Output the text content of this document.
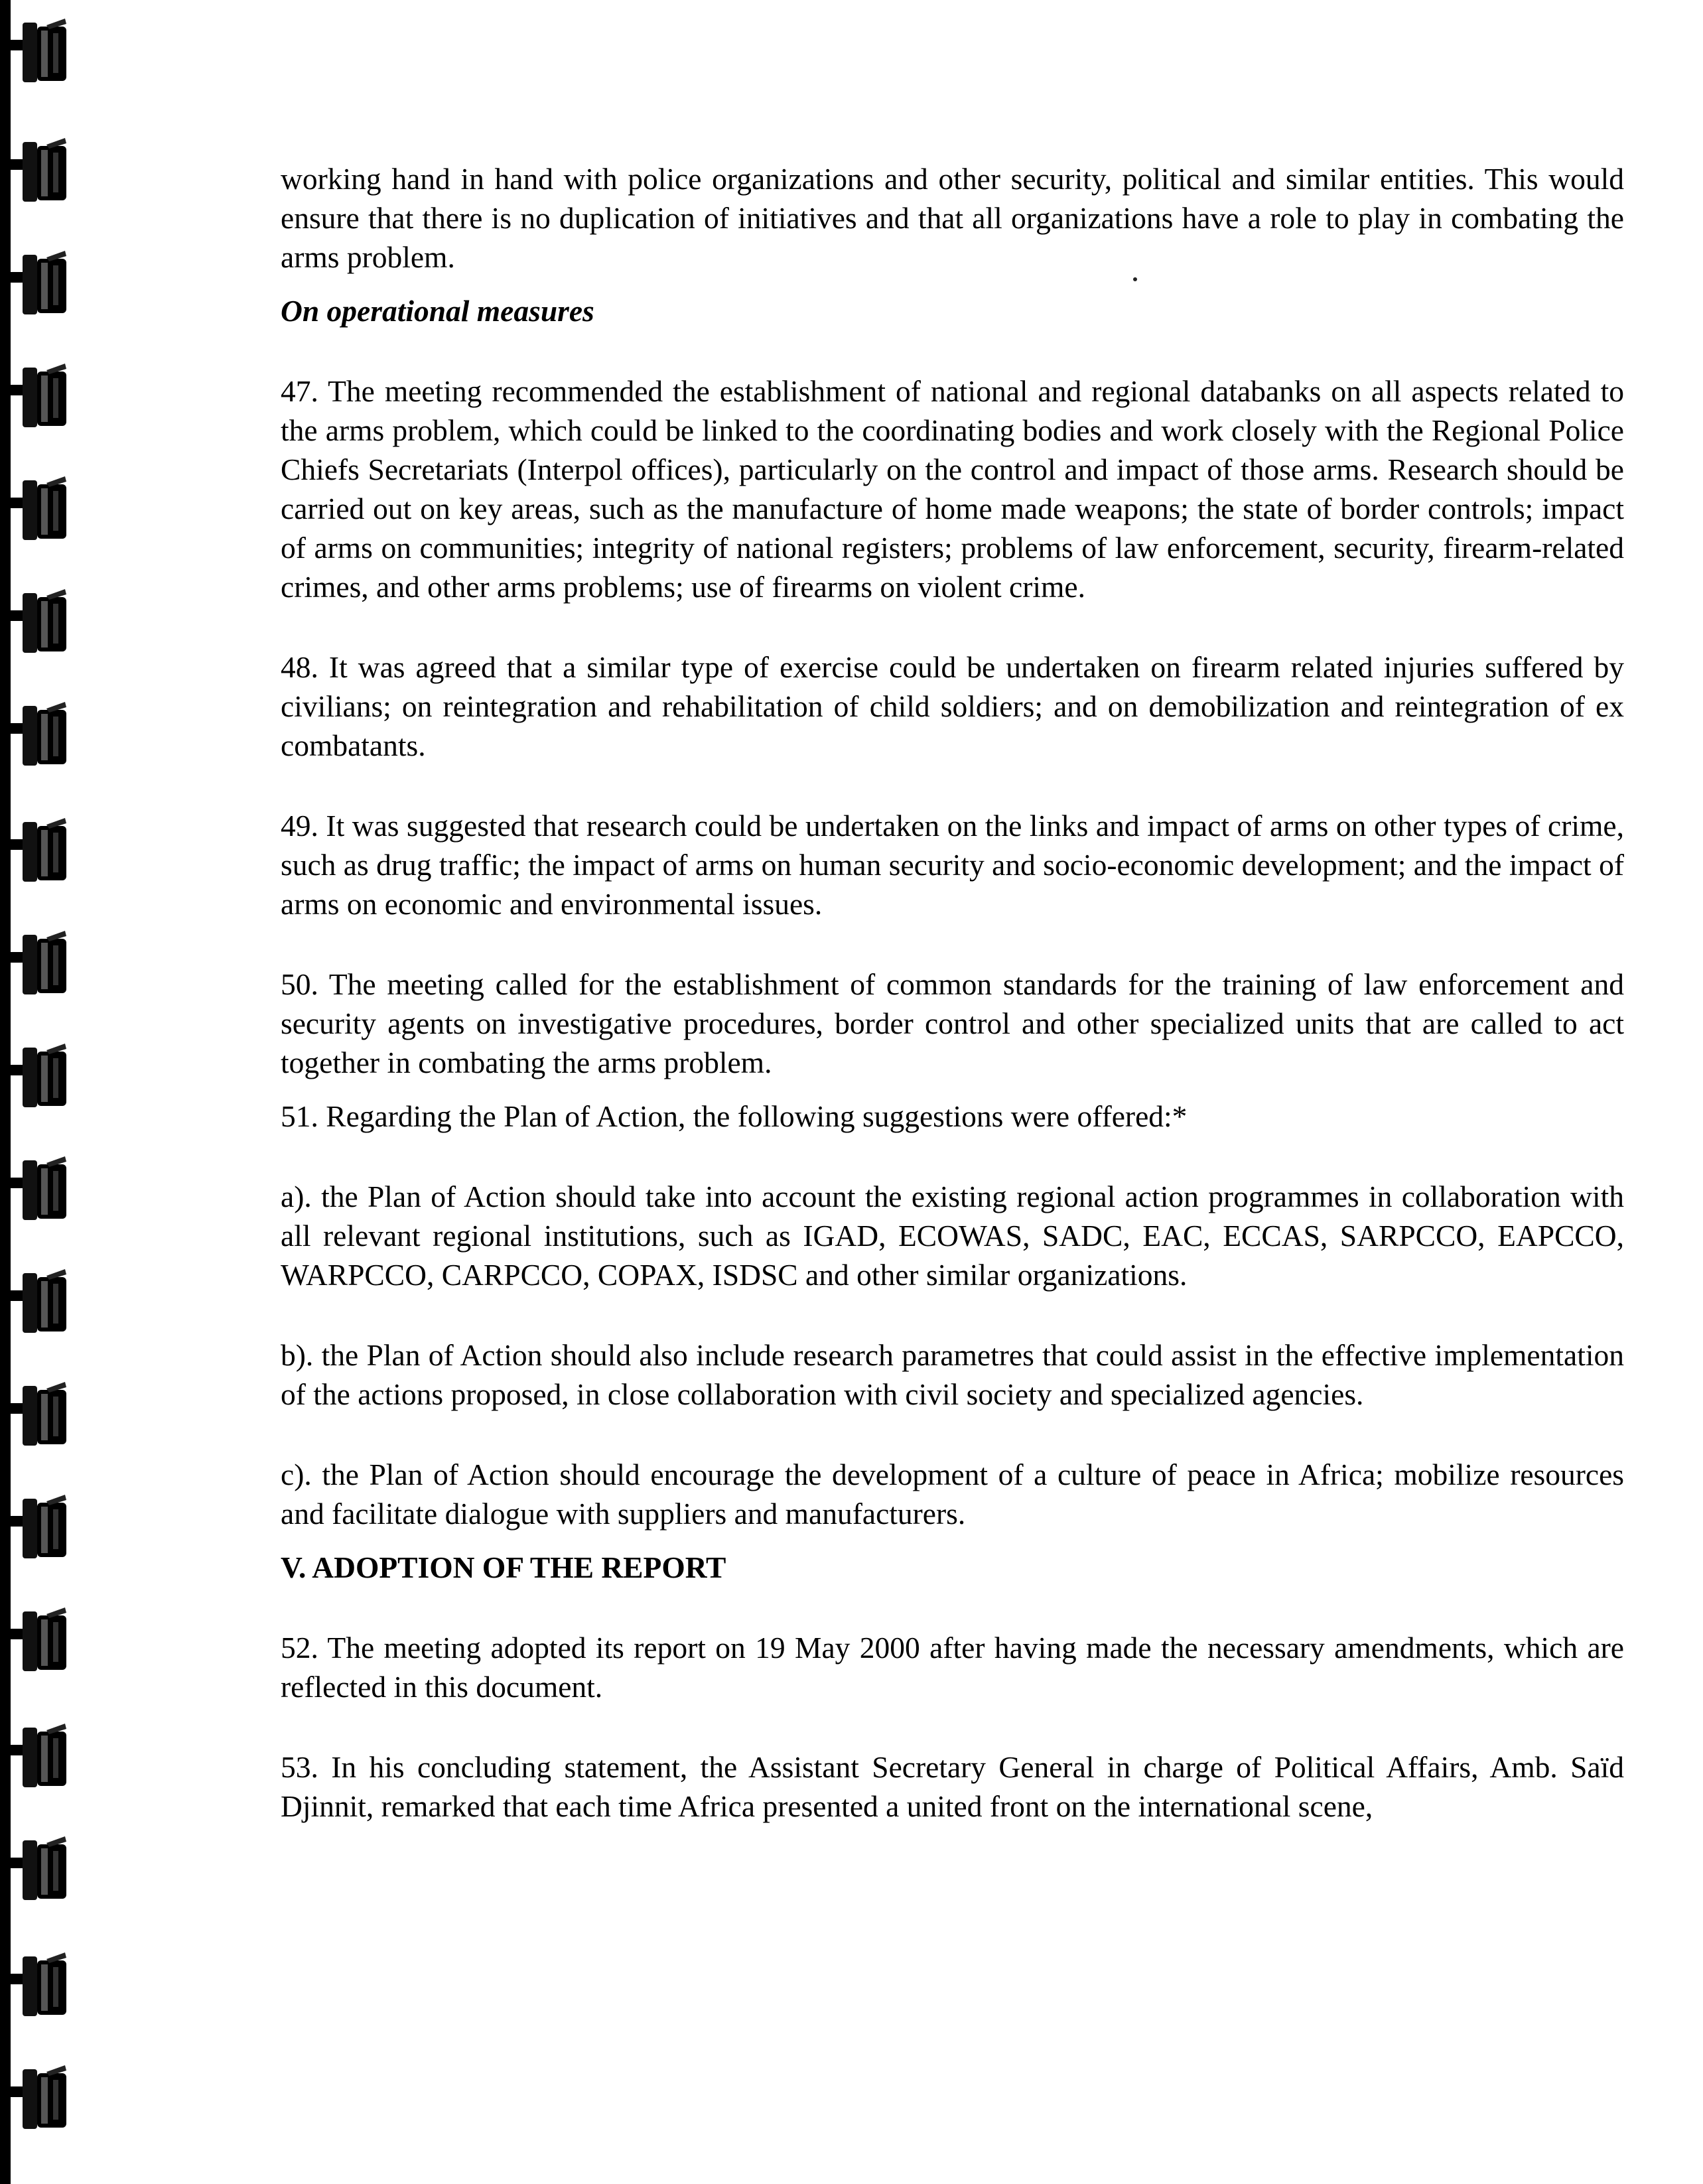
working hand in hand with police organizations and other security, political and similar entities. This would ensure that there is no duplication of initiatives and that all organizations have a role to play in combating the arms problem.

On operational measures

47. The meeting recommended the establishment of national and regional databanks on all aspects related to the arms problem, which could be linked to the coordinating bodies and work closely with the Regional Police Chiefs Secretariats (Interpol offices), particularly on the control and impact of those arms. Research should be carried out on key areas, such as the manufacture of home made weapons; the state of border controls; impact of arms on communities; integrity of national registers; problems of law enforcement, security, firearm-related crimes, and other arms problems; use of firearms on violent crime.

48. It was agreed that a similar type of exercise could be undertaken on firearm related injuries suffered by civilians; on reintegration and rehabilitation of child soldiers; and on demobilization and reintegration of ex combatants.

49. It was suggested that research could be undertaken on the links and impact of arms on other types of crime, such as drug traffic; the impact of arms on human security and socio-economic development; and the impact of arms on economic and environmental issues.

50. The meeting called for the establishment of common standards for the training of law enforcement and security agents on investigative procedures, border control and other specialized units that are called to act together in combating the arms problem.

51. Regarding the Plan of Action, the following suggestions were offered:*

a). the Plan of Action should take into account the existing regional action programmes in collaboration with all relevant regional institutions, such as IGAD, ECOWAS, SADC, EAC, ECCAS, SARPCCO, EAPCCO, WARPCCO, CARPCCO, COPAX, ISDSC and other similar organizations.

b). the Plan of Action should also include research parametres that could assist in the effective implementation of the actions proposed, in close collaboration with civil society and specialized agencies.

c). the Plan of Action should encourage the development of a culture of peace in Africa; mobilize resources and facilitate dialogue with suppliers and manufacturers.

V. ADOPTION OF THE REPORT

52. The meeting adopted its report on 19 May 2000 after having made the necessary amendments, which are reflected in this document.

53. In his concluding statement, the Assistant Secretary General in charge of Political Affairs, Amb. Saïd Djinnit, remarked that each time Africa presented a united front on the international scene,
